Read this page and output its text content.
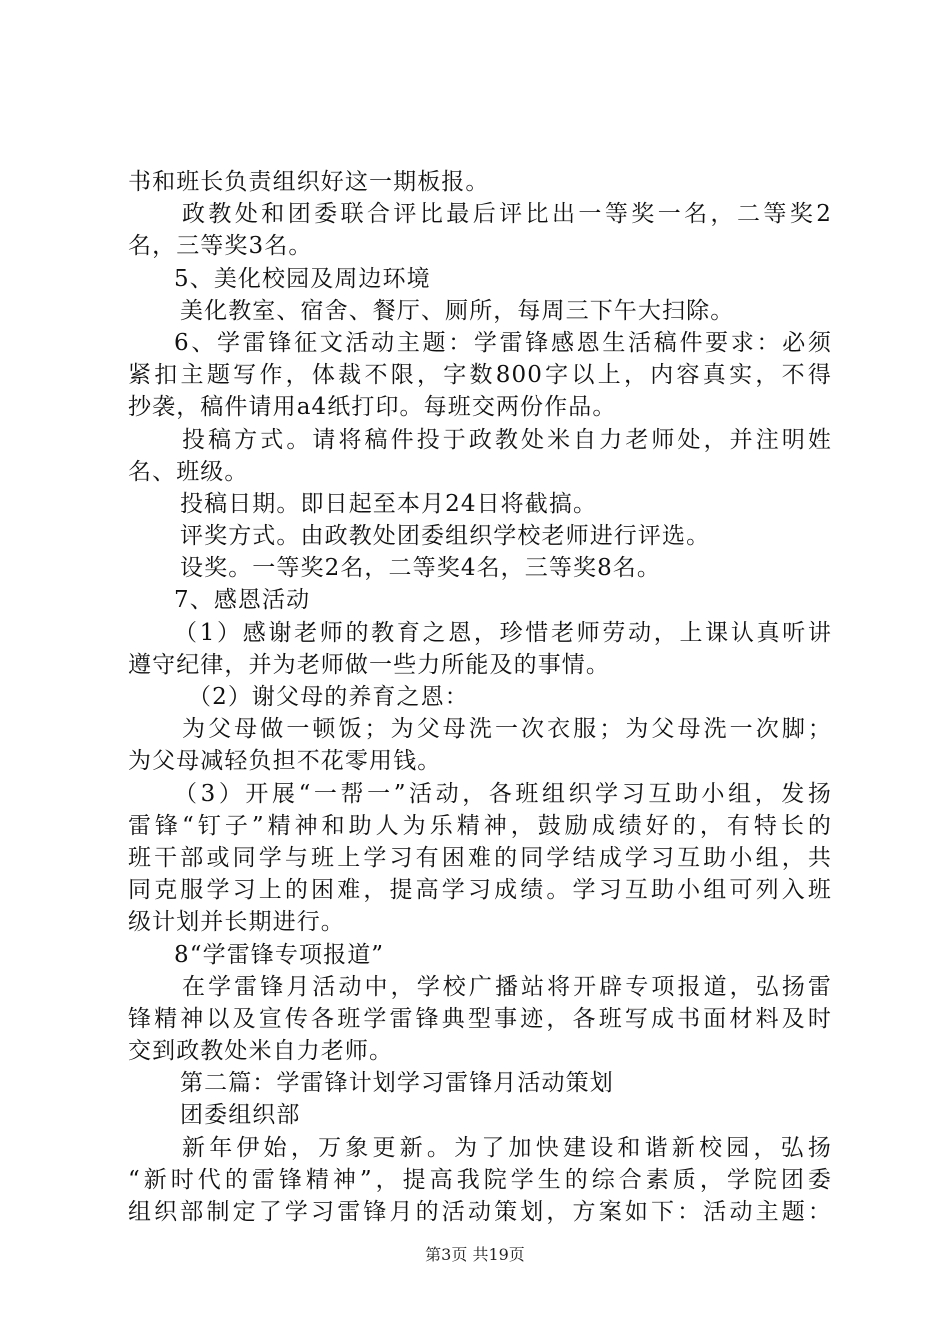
书和班长负责组织好这一期板报。
政教处和团委联合评比最后评比出一等奖一名，二等奖2
名，三等奖3名。
5、美化校园及周边环境
美化教室、宿舍、餐厅、厕所，每周三下午大扫除。
6、学雷锋征文活动主题：学雷锋感恩生活稿件要求：必须
紧扣主题写作，体裁不限，字数800字以上，内容真实，不得
抄袭，稿件请用a4纸打印。每班交两份作品。
投稿方式。请将稿件投于政教处米自力老师处，并注明姓
名、班级。
投稿日期。即日起至本月24日将截搞。
评奖方式。由政教处团委组织学校老师进行评选。
设奖。一等奖2名，二等奖4名，三等奖8名。
7、感恩活动
（1）感谢老师的教育之恩，珍惜老师劳动，上课认真听讲
遵守纪律，并为老师做一些力所能及的事情。
（2）谢父母的养育之恩：
为父母做一顿饭；为父母洗一次衣服；为父母洗一次脚；
为父母减轻负担不花零用钱。
（3）开展“一帮一”活动，各班组织学习互助小组，发扬
雷锋“钉子”精神和助人为乐精神，鼓励成绩好的，有特长的
班干部或同学与班上学习有困难的同学结成学习互助小组，共
同克服学习上的困难，提高学习成绩。学习互助小组可列入班
级计划并长期进行。
8“学雷锋专项报道”
在学雷锋月活动中，学校广播站将开辟专项报道，弘扬雷
锋精神以及宣传各班学雷锋典型事迹，各班写成书面材料及时
交到政教处米自力老师。
第二篇：学雷锋计划学习雷锋月活动策划
团委组织部
新年伊始，万象更新。为了加快建设和谐新校园，弘扬
“新时代的雷锋精神”，提高我院学生的综合素质，学院团委
组织部制定了学习雷锋月的活动策划，方案如下：活动主题：
第3页 共19页
